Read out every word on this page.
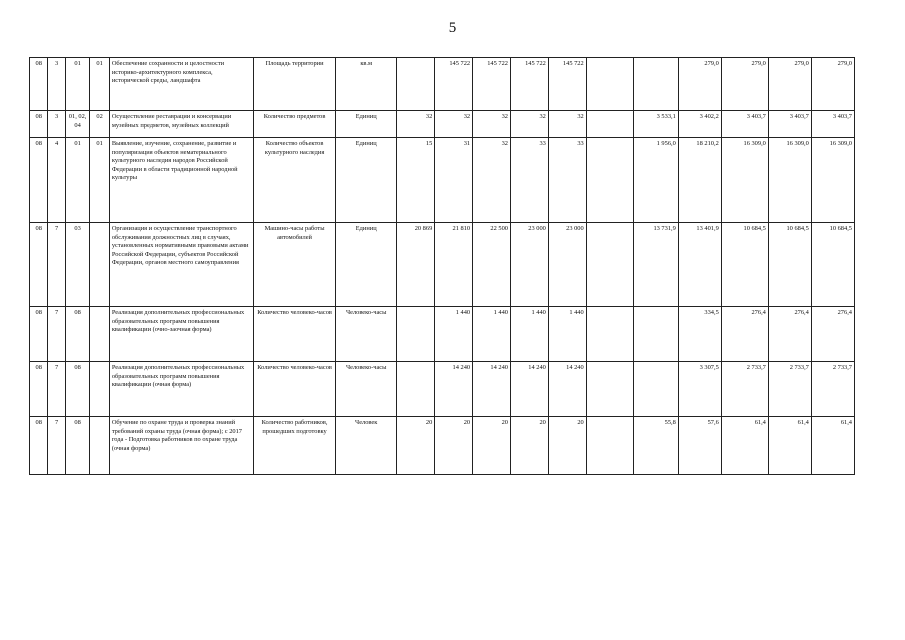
5
08	3	01	01	Обеспечение сохранности и целостности историко-архитектурного комплекса, исторической среды, ландшафта	Площадь территории	кв.м		145 722	145 722	145 722	145 722			279,0	279,0	279,0	279,0
08	3	01, 02, 04	02	Осуществление реставрации и консервации музейных предметов, музейных коллекций	Количество предметов	Единиц	32	32	32	32	32		3 533,1	3 402,2	3 403,7	3 403,7	3 403,7
08	4	01	01	Выявление, изучение, сохранение, развитие и популяризация объектов нематериального культурного наследия народов Российской Федерации в области традиционной народной культуры	Количество объектов культурного наследия	Единиц	15	31	32	33	33		1 956,0	18 210,2	16 309,0	16 309,0	16 309,0
08	7	03		Организация и осуществление транспортного обслуживания должностных лиц в случаях, установленных нормативными правовыми актами Российской Федерации, субъектов Российской Федерации, органов местного самоуправления	Машино-часы работы автомобилей	Единиц	20 869	21 810	22 500	23 000	23 000		13 731,9	13 401,9	10 684,5	10 684,5	10 684,5
08	7	08		Реализация дополнительных профессиональных образовательных программ повышения квалификации (очно-заочная форма)	Количество человеко-часов	Человеко-часы		1 440	1 440	1 440	1 440			334,5	276,4	276,4	276,4
08	7	08		Реализация дополнительных профессиональных образовательных программ повышения квалификации (очная форма)	Количество человеко-часов	Человеко-часы		14 240	14 240	14 240	14 240			3 307,5	2 733,7	2 733,7	2 733,7
08	7	08		Обучение по охране труда и проверка знаний требований охраны труда (очная форма); с 2017 года - Подготовка работников по охране труда (очная форма)	Количество работников, прошедших подготовку	Человек	20	20	20	20	20		55,8	57,6	61,4	61,4	61,4
